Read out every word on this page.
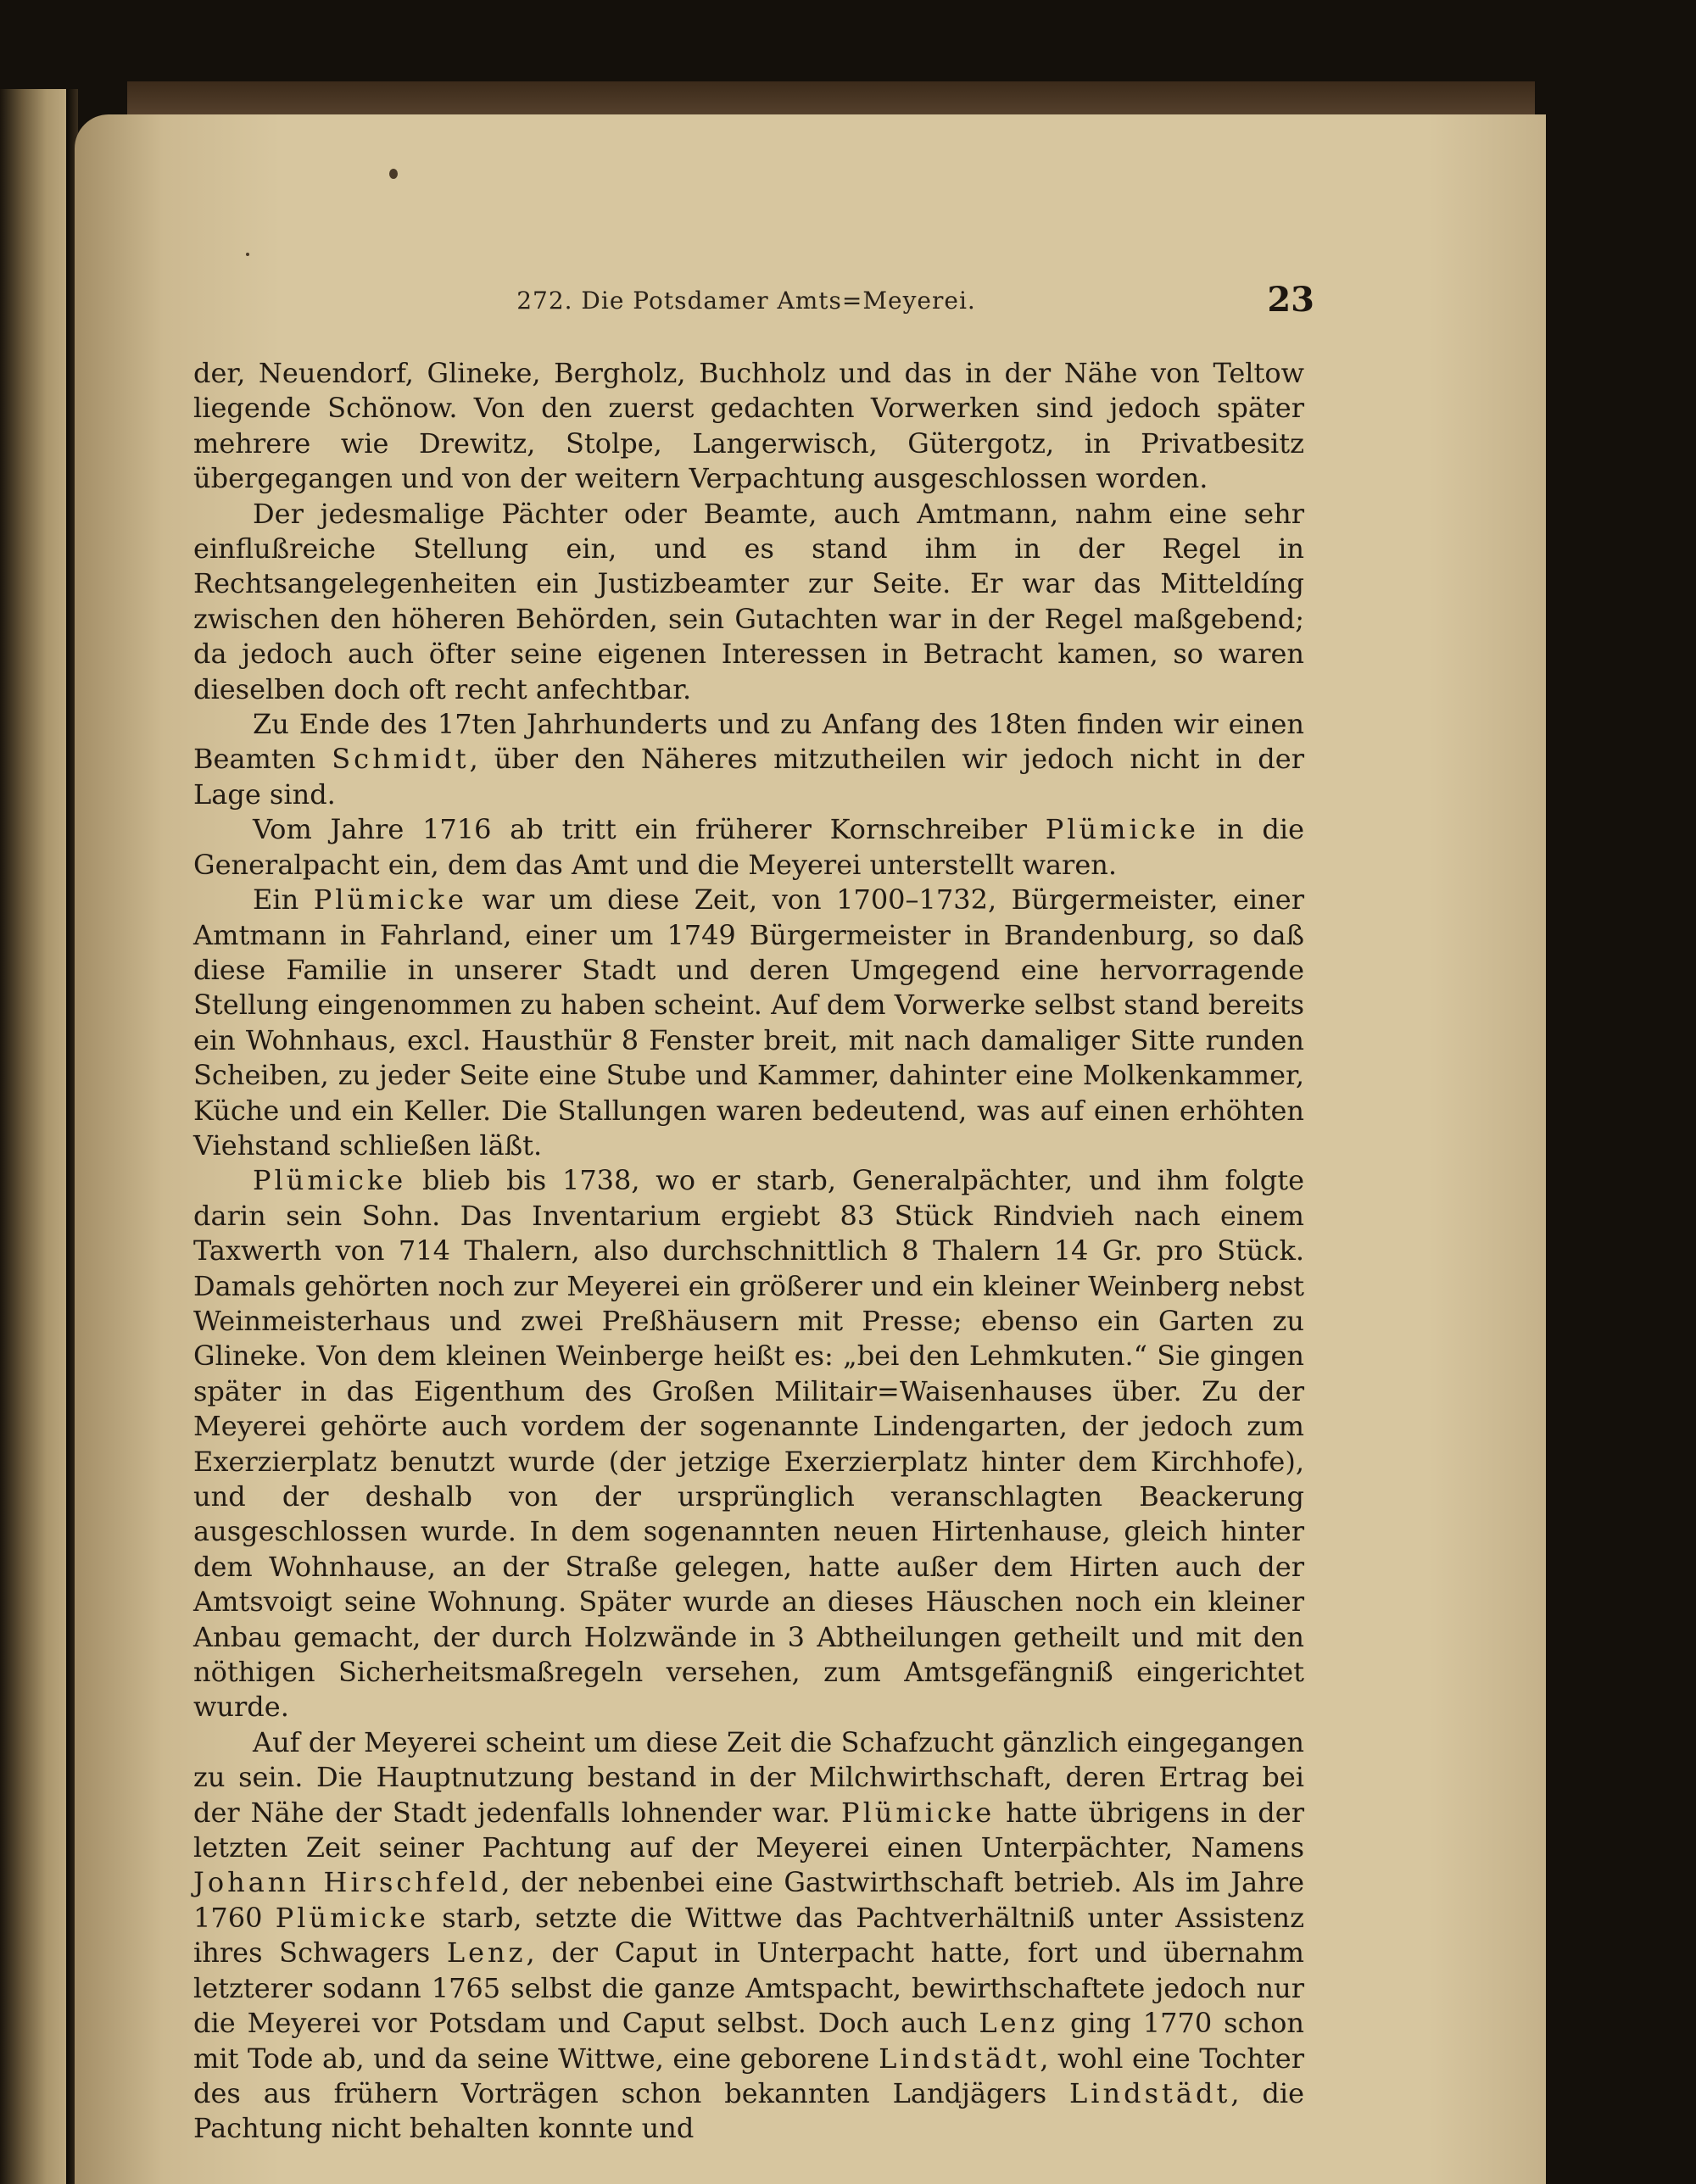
272. Die Potsdamer Amts=Meyerei.	23

der, Neuendorf, Glineke, Bergholz, Buchholz und das in der Nähe von Teltow liegende Schönow. Von den zuerst gedachten Vorwerken sind jedoch später mehrere wie Drewitz, Stolpe, Langerwisch, Gütergotz, in Privatbesitz übergegangen und von der weitern Verpachtung ausgeschlossen worden.

Der jedesmalige Pächter oder Beamte, auch Amtmann, nahm eine sehr einflußreiche Stellung ein, und es stand ihm in der Regel in Rechtsangelegenheiten ein Justizbeamter zur Seite. Er war das Mitteldíng zwischen den höheren Behörden, sein Gutachten war in der Regel maßgebend; da jedoch auch öfter seine eigenen Interessen in Betracht kamen, so waren dieselben doch oft recht anfechtbar.

Zu Ende des 17ten Jahrhunderts und zu Anfang des 18ten finden wir einen Beamten Schmidt, über den Näheres mitzutheilen wir jedoch nicht in der Lage sind.

Vom Jahre 1716 ab tritt ein früherer Kornschreiber Plümicke in die Generalpacht ein, dem das Amt und die Meyerei unterstellt waren.

Ein Plümicke war um diese Zeit, von 1700–1732, Bürgermeister, einer Amtmann in Fahrland, einer um 1749 Bürgermeister in Brandenburg, so daß diese Familie in unserer Stadt und deren Umgegend eine hervorragende Stellung eingenommen zu haben scheint. Auf dem Vorwerke selbst stand bereits ein Wohnhaus, excl. Hausthür 8 Fenster breit, mit nach damaliger Sitte runden Scheiben, zu jeder Seite eine Stube und Kammer, dahinter eine Molkenkammer, Küche und ein Keller. Die Stallungen waren bedeutend, was auf einen erhöhten Viehstand schließen läßt.

Plümicke blieb bis 1738, wo er starb, Generalpächter, und ihm folgte darin sein Sohn. Das Inventarium ergiebt 83 Stück Rindvieh nach einem Taxwerth von 714 Thalern, also durchschnittlich 8 Thalern 14 Gr. pro Stück. Damals gehörten noch zur Meyerei ein größerer und ein kleiner Weinberg nebst Weinmeisterhaus und zwei Preßhäusern mit Presse; ebenso ein Garten zu Glineke. Von dem kleinen Weinberge heißt es: „bei den Lehmkuten.“ Sie gingen später in das Eigenthum des Großen Militair=Waisenhauses über. Zu der Meyerei gehörte auch vordem der sogenannte Lindengarten, der jedoch zum Exerzierplatz benutzt wurde (der jetzige Exerzierplatz hinter dem Kirchhofe), und der deshalb von der ursprünglich veranschlagten Beackerung ausgeschlossen wurde. In dem sogenannten neuen Hirtenhause, gleich hinter dem Wohnhause, an der Straße gelegen, hatte außer dem Hirten auch der Amtsvoigt seine Wohnung. Später wurde an dieses Häuschen noch ein kleiner Anbau gemacht, der durch Holzwände in 3 Abtheilungen getheilt und mit den nöthigen Sicherheitsmaßregeln versehen, zum Amtsgefängniß eingerichtet wurde.

Auf der Meyerei scheint um diese Zeit die Schafzucht gänzlich eingegangen zu sein. Die Hauptnutzung bestand in der Milchwirthschaft, deren Ertrag bei der Nähe der Stadt jedenfalls lohnender war. Plümicke hatte übrigens in der letzten Zeit seiner Pachtung auf der Meyerei einen Unterpächter, Namens Johann Hirschfeld, der nebenbei eine Gastwirthschaft betrieb. Als im Jahre 1760 Plümicke starb, setzte die Wittwe das Pachtverhältniß unter Assistenz ihres Schwagers Lenz, der Caput in Unterpacht hatte, fort und übernahm letzterer sodann 1765 selbst die ganze Amtspacht, bewirthschaftete jedoch nur die Meyerei vor Potsdam und Caput selbst. Doch auch Lenz ging 1770 schon mit Tode ab, und da seine Wittwe, eine geborene Lindstädt, wohl eine Tochter des aus frühern Vorträgen schon bekannten Landjägers Lindstädt, die Pachtung nicht behalten konnte und
